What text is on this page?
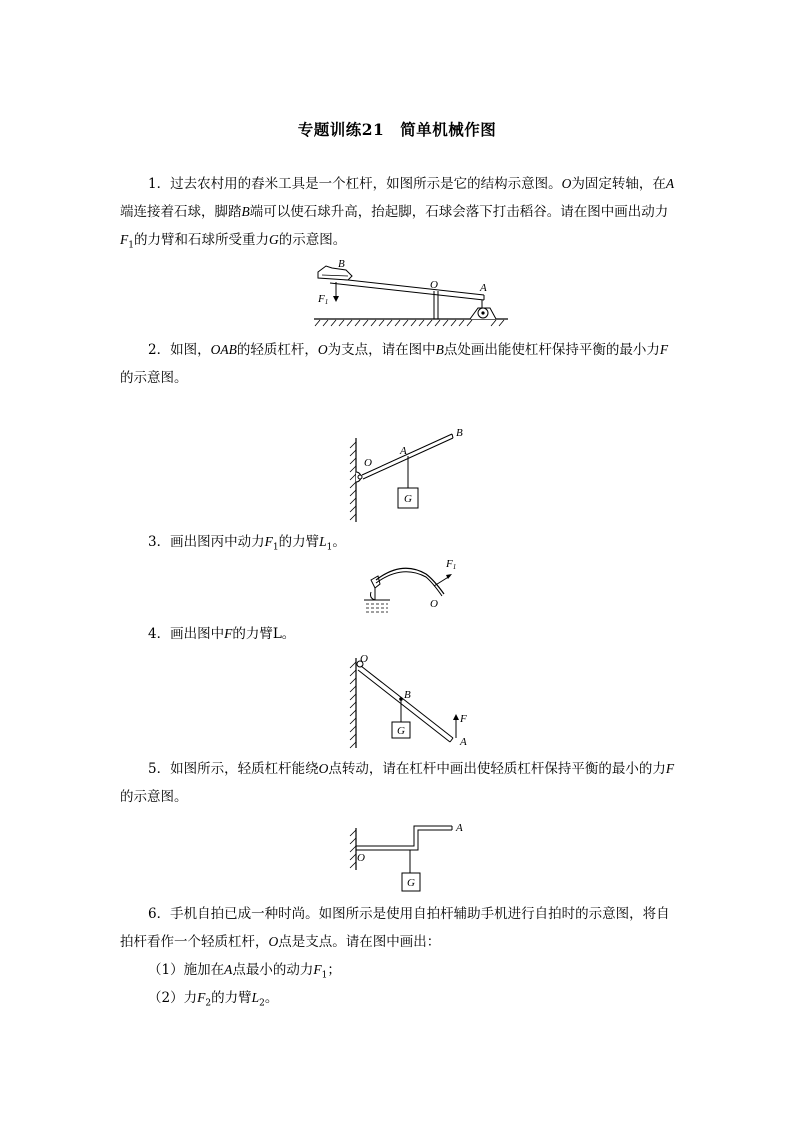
专题训练21　简单机械作图

1．过去农村用的舂米工具是一个杠杆，如图所示是它的结构示意图。O为固定转轴，在A端连接着石球，脚踏B端可以使石球升高，抬起脚，石球会落下打击稻谷。请在图中画出动力$F_1$的力臂和石球所受重力G的示意图。

B
O	A
F1

2．如图，OAB的轻质杠杆，O为支点，请在图中B点处画出能使杠杆保持平衡的最小力F的示意图。

O
A
B
G

3．画出图丙中动力$F_1$的力臂$L_1$。

F1
O

4．画出图中F的力臂L。

O
B
G
F
A

5．如图所示，轻质杠杆能绕O点转动，请在杠杆中画出使轻质杠杆保持平衡的最小的力F的示意图。

A
O
G

6．手机自拍已成一种时尚。如图所示是使用自拍杆辅助手机进行自拍时的示意图，将自拍杆看作一个轻质杠杆，O点是支点。请在图中画出：

（1）施加在A点最小的动力$F_1$；
（2）力$F_2$的力臂$L_2$。
